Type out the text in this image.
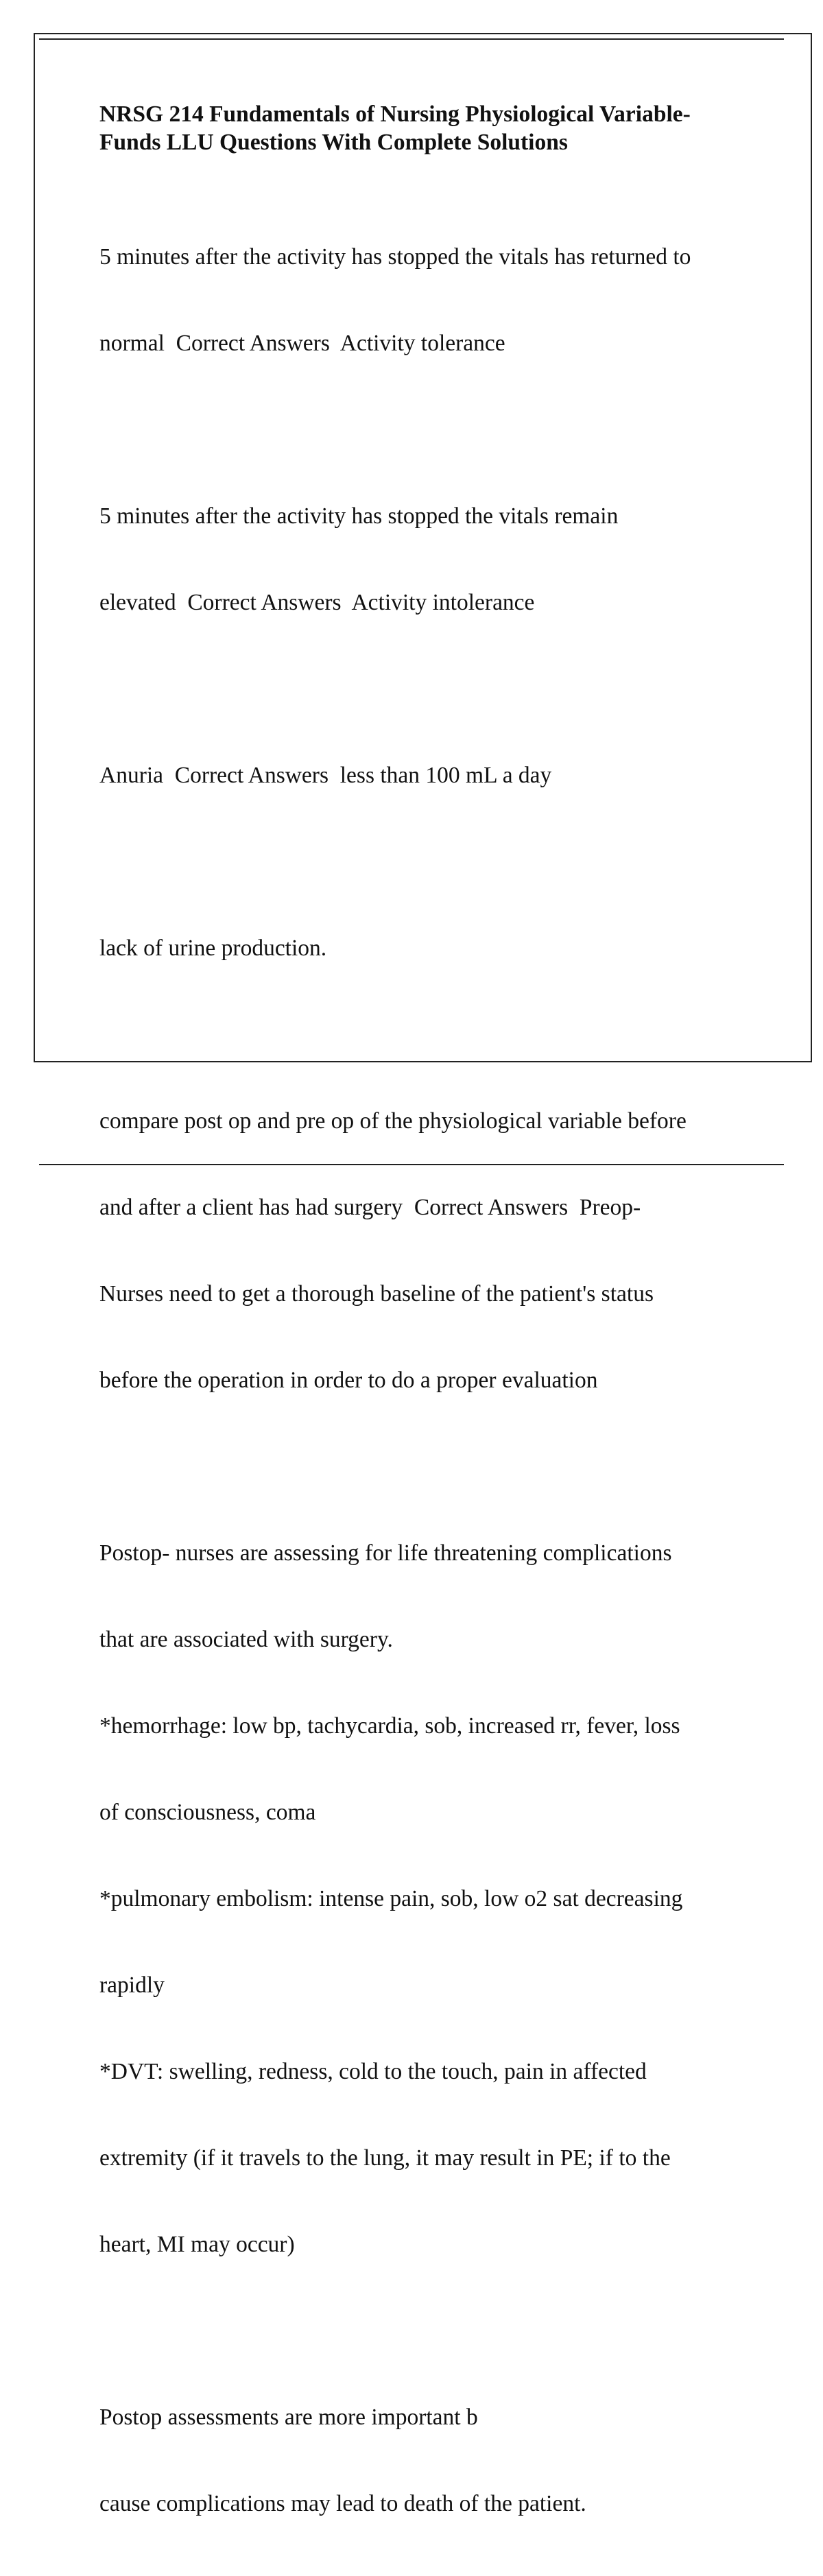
NRSG 214 Fundamentals of Nursing Physiological Variable-
Funds LLU Questions With Complete Solutions

5 minutes after the activity has stopped the vitals has returned to

normal  Correct Answers  Activity tolerance

5 minutes after the activity has stopped the vitals remain

elevated  Correct Answers  Activity intolerance

Anuria  Correct Answers  less than 100 mL a day

lack of urine production.

compare post op and pre op of the physiological variable before

and after a client has had surgery  Correct Answers  Preop-

Nurses need to get a thorough baseline of the patient's status

before the operation in order to do a proper evaluation

Postop- nurses are assessing for life threatening complications

that are associated with surgery.

*hemorrhage: low bp, tachycardia, sob, increased rr, fever, loss

of consciousness, coma

*pulmonary embolism: intense pain, sob, low o2 sat decreasing

rapidly

*DVT: swelling, redness, cold to the touch, pain in affected

extremity (if it travels to the lung, it may result in PE; if to the

heart, MI may occur)

Postop assessments are more important b

cause complications may lead to death of the patient.
